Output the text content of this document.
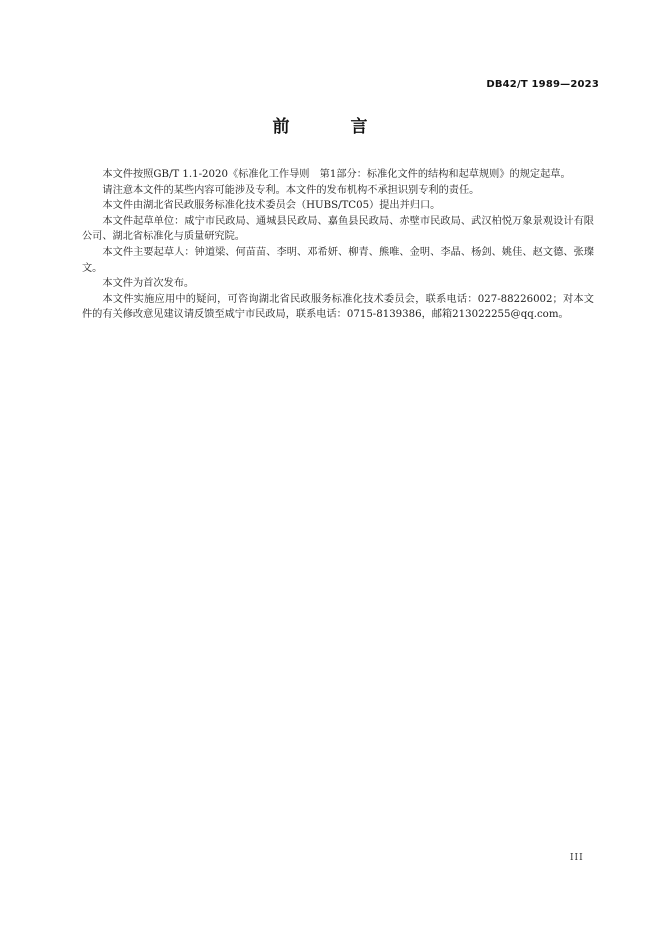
DB42/T 1989—2023
前　言

本文件按照GB/T 1.1-2020《标准化工作导则　第1部分：标准化文件的结构和起草规则》的规定起草。

请注意本文件的某些内容可能涉及专利。本文件的发布机构不承担识别专利的责任。

本文件由湖北省民政服务标准化技术委员会（HUBS/TC05）提出并归口。

本文件起草单位：咸宁市民政局、通城县民政局、嘉鱼县民政局、赤壁市民政局、武汉柏悦万象景观设计有限公司、湖北省标准化与质量研究院。

本文件主要起草人：钟道梁、何苗苗、李明、邓希妍、柳青、熊唯、金明、李晶、杨剑、姚佳、赵文德、张璨文。

本文件为首次发布。

本文件实施应用中的疑问，可咨询湖北省民政服务标准化技术委员会，联系电话：027-88226002；对本文件的有关修改意见建议请反馈至咸宁市民政局，联系电话：0715-8139386，邮箱213022255@qq.com。

III
